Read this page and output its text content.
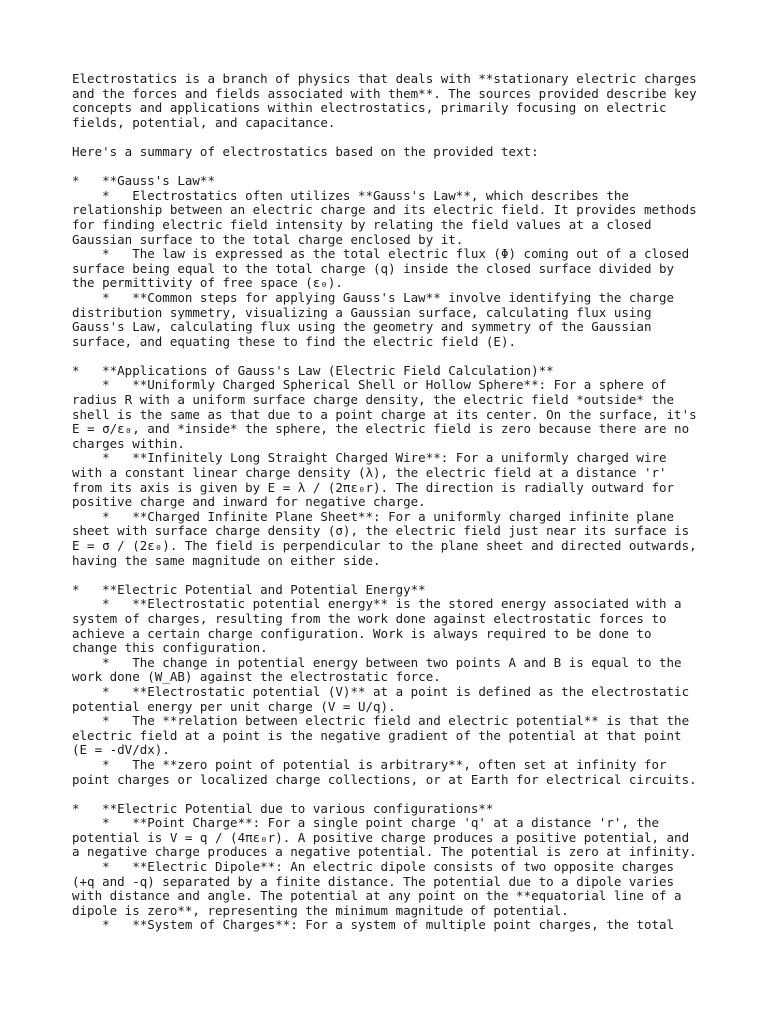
Electrostatics is a branch of physics that deals with **stationary electric charges
and the forces and fields associated with them**. The sources provided describe key
concepts and applications within electrostatics, primarily focusing on electric
fields, potential, and capacitance.
Here's a summary of electrostatics based on the provided text:
*   **Gauss's Law**
*   Electrostatics often utilizes **Gauss's Law**, which describes the
relationship between an electric charge and its electric field. It provides methods
for finding electric field intensity by relating the field values at a closed
Gaussian surface to the total charge enclosed by it.
*   The law is expressed as the total electric flux (Φ) coming out of a closed
surface being equal to the total charge (q) inside the closed surface divided by
the permittivity of free space (ε₀).
*   **Common steps for applying Gauss's Law** involve identifying the charge
distribution symmetry, visualizing a Gaussian surface, calculating flux using
Gauss's Law, calculating flux using the geometry and symmetry of the Gaussian
surface, and equating these to find the electric field (E).
*   **Applications of Gauss's Law (Electric Field Calculation)**
*   **Uniformly Charged Spherical Shell or Hollow Sphere**: For a sphere of
radius R with a uniform surface charge density, the electric field *outside* the
shell is the same as that due to a point charge at its center. On the surface, it's
E = σ/ε₀, and *inside* the sphere, the electric field is zero because there are no
charges within.
*   **Infinitely Long Straight Charged Wire**: For a uniformly charged wire
with a constant linear charge density (λ), the electric field at a distance 'r'
from its axis is given by E = λ / (2πε₀r). The direction is radially outward for
positive charge and inward for negative charge.
*   **Charged Infinite Plane Sheet**: For a uniformly charged infinite plane
sheet with surface charge density (σ), the electric field just near its surface is
E = σ / (2ε₀). The field is perpendicular to the plane sheet and directed outwards,
having the same magnitude on either side.
*   **Electric Potential and Potential Energy**
*   **Electrostatic potential energy** is the stored energy associated with a
system of charges, resulting from the work done against electrostatic forces to
achieve a certain charge configuration. Work is always required to be done to
change this configuration.
*   The change in potential energy between two points A and B is equal to the
work done (W_AB) against the electrostatic force.
*   **Electrostatic potential (V)** at a point is defined as the electrostatic
potential energy per unit charge (V = U/q).
*   The **relation between electric field and electric potential** is that the
electric field at a point is the negative gradient of the potential at that point
(E = -dV/dx).
*   The **zero point of potential is arbitrary**, often set at infinity for
point charges or localized charge collections, or at Earth for electrical circuits.
*   **Electric Potential due to various configurations**
*   **Point Charge**: For a single point charge 'q' at a distance 'r', the
potential is V = q / (4πε₀r). A positive charge produces a positive potential, and
a negative charge produces a negative potential. The potential is zero at infinity.
*   **Electric Dipole**: An electric dipole consists of two opposite charges
(+q and -q) separated by a finite distance. The potential due to a dipole varies
with distance and angle. The potential at any point on the **equatorial line of a
dipole is zero**, representing the minimum magnitude of potential.
*   **System of Charges**: For a system of multiple point charges, the total
